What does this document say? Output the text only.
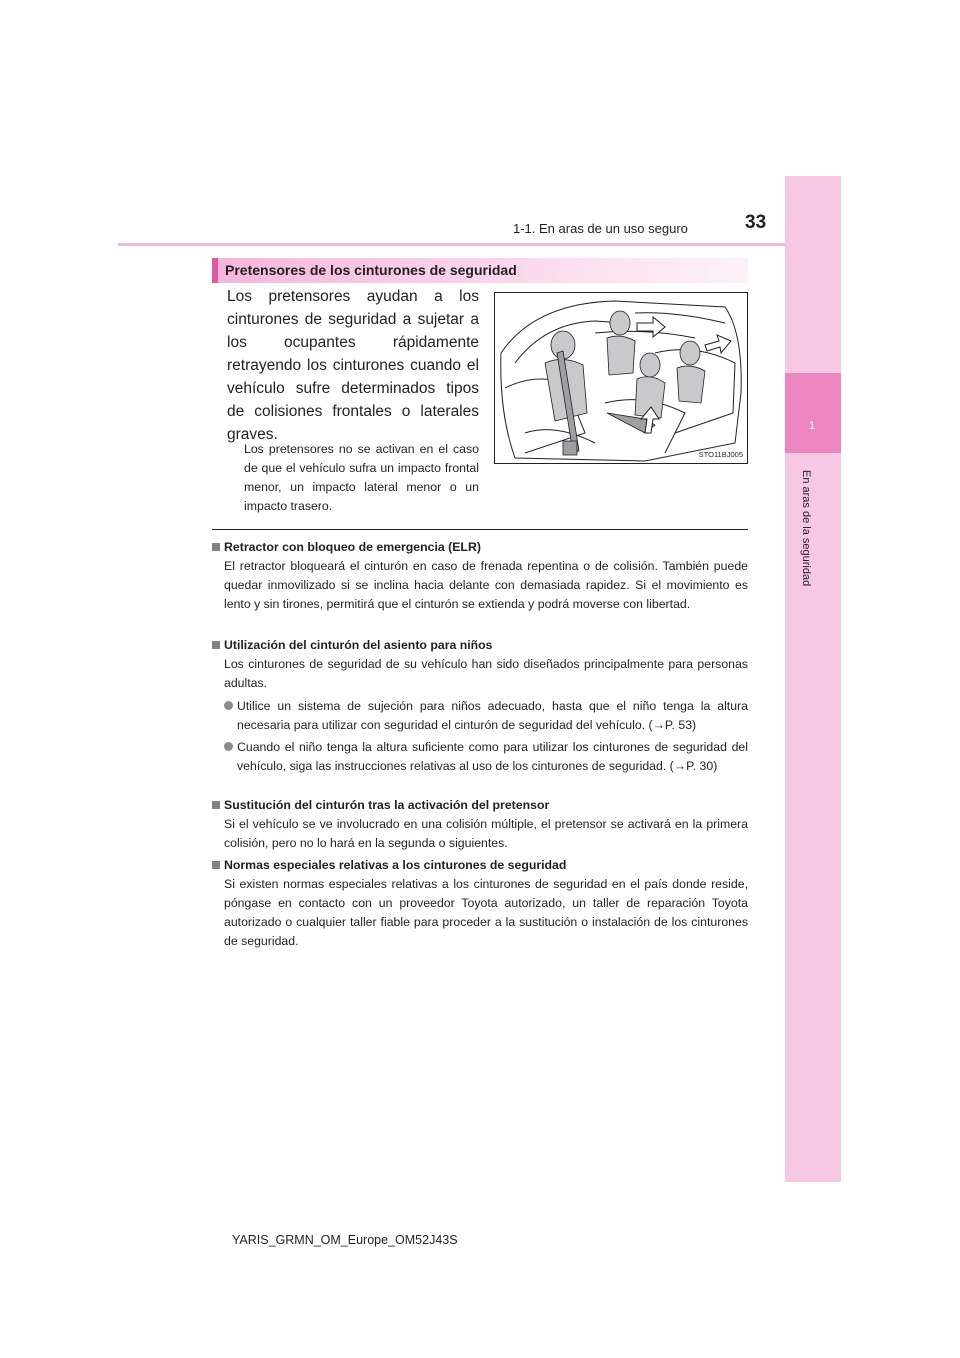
33
1-1. En aras de un uso seguro
1
En aras de la seguridad
Pretensores de los cinturones de seguridad
Los pretensores ayudan a los cinturones de seguridad a sujetar a los ocupantes rápidamente retrayendo los cinturones cuando el vehículo sufre determinados tipos de colisiones frontales o laterales
graves.
Los pretensores no se activan en el caso de que el vehículo sufra un impacto frontal menor, un impacto lateral menor o un impacto trasero.
STO11BJ005
Retractor con bloqueo de emergencia (ELR)
El retractor bloqueará el cinturón en caso de frenada repentina o de colisión. También puede quedar inmovilizado si se inclina hacia delante con demasiada rapidez. Si el movimiento es lento y sin tirones, permitirá que el cinturón se extienda y podrá moverse con libertad.
Utilización del cinturón del asiento para niños
Los cinturones de seguridad de su vehículo han sido diseñados principalmente para personas adultas.
Utilice un sistema de sujeción para niños adecuado, hasta que el niño tenga la altura necesaria para utilizar con seguridad el cinturón de seguridad del vehículo. (→P. 53)
Cuando el niño tenga la altura suficiente como para utilizar los cinturones de seguridad del vehículo, siga las instrucciones relativas al uso de los cinturones de seguridad. (→P. 30)
Sustitución del cinturón tras la activación del pretensor
Si el vehículo se ve involucrado en una colisión múltiple, el pretensor se activará en la primera colisión, pero no lo hará en la segunda o siguientes.
Normas especiales relativas a los cinturones de seguridad
Si existen normas especiales relativas a los cinturones de seguridad en el país donde reside, póngase en contacto con un proveedor Toyota autorizado, un taller de reparación Toyota autorizado o cualquier taller fiable para proceder a la sustitución o instalación de los cinturones de seguridad.
YARIS_GRMN_OM_Europe_OM52J43S
